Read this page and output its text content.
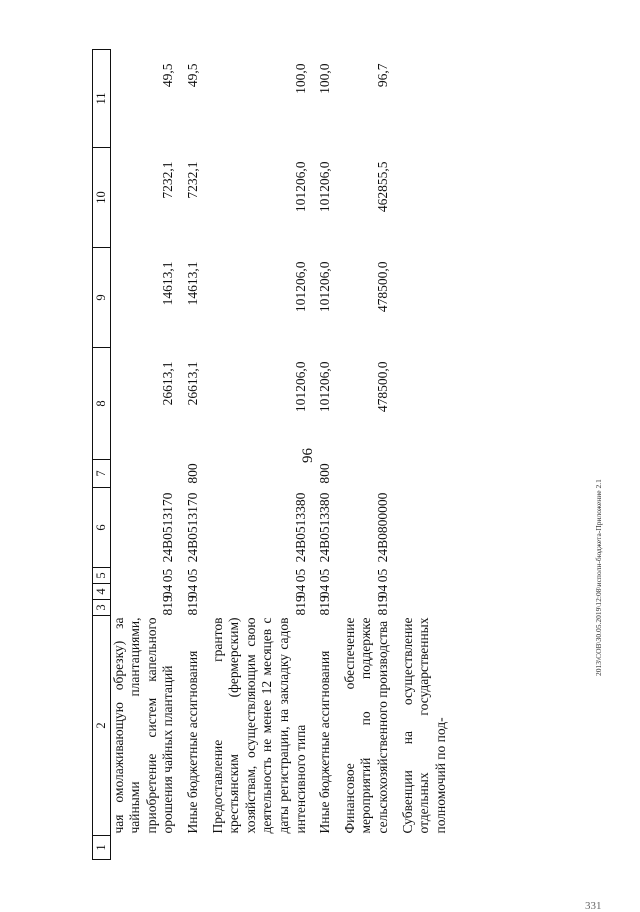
96
1	2	3	4	5	6	7	8	9	10	11
	чая омолаживающую обрезку) за чайными плантациями, приобретение систем капельного орошения чайных плантаций	819	04	05	24В0513170		26613,1	14613,1	7232,1	49,5
	Иные бюджетные ассигнования	819	04	05	24В0513170	800	26613,1	14613,1	7232,1	49,5
	Предоставление грантов крестьянским (фермерским) хозяйствам, осуществляющим свою деятельность не менее 12 месяцев с даты регистрации, на закладку садов интенсивного типа	819	04	05	24В0513380		101206,0	101206,0	101206,0	100,0
	Иные бюджетные ассигнования	819	04	05	24В0513380	800	101206,0	101206,0	101206,0	100,0
	Финансовое обеспечение мероприятий по поддержке сельскохозяйственного производства	819	04	05	24В0800000		478500,0	478500,0	462855,5	96,7
	Субвенции на осуществление отдельных государственных полномочий по под-									
2013\СОВ\30.05.2019\12:08\исполн-бюджета-Приложение 2.1
331
